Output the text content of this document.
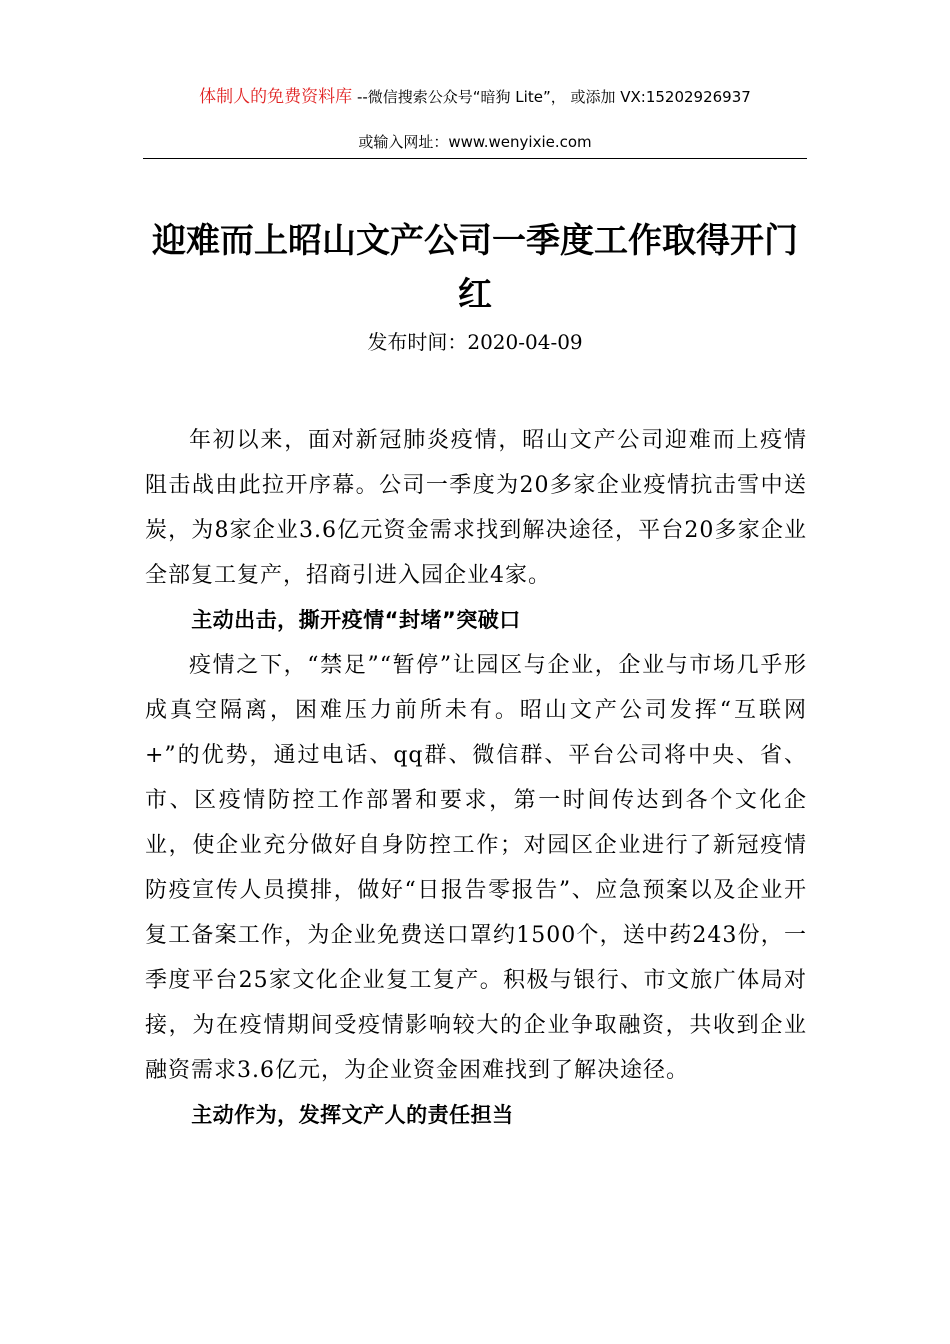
体制人的免费资料库 --微信搜索公众号“暗狗 Lite”， 或添加 VX:15202926937
或输入网址：www.wenyixie.com
迎难而上昭山文产公司一季度工作取得开门红
发布时间：2020-04-09

年初以来，面对新冠肺炎疫情，昭山文产公司迎难而上疫情阻击战由此拉开序幕。公司一季度为20多家企业疫情抗击雪中送炭，为8家企业3.6亿元资金需求找到解决途径，平台20多家企业全部复工复产，招商引进入园企业4家。

主动出击，撕开疫情“封堵”突破口

疫情之下，“禁足”“暂停”让园区与企业，企业与市场几乎形成真空隔离，困难压力前所未有。昭山文产公司发挥“互联网+”的优势，通过电话、qq群、微信群、平台公司将中央、省、市、区疫情防控工作部署和要求，第一时间传达到各个文化企业，使企业充分做好自身防控工作；对园区企业进行了新冠疫情防疫宣传人员摸排，做好“日报告零报告”、应急预案以及企业开复工备案工作，为企业免费送口罩约1500个，送中药243份，一季度平台25家文化企业复工复产。积极与银行、市文旅广体局对接，为在疫情期间受疫情影响较大的企业争取融资，共收到企业融资需求3.6亿元，为企业资金困难找到了解决途径。

主动作为，发挥文产人的责任担当
